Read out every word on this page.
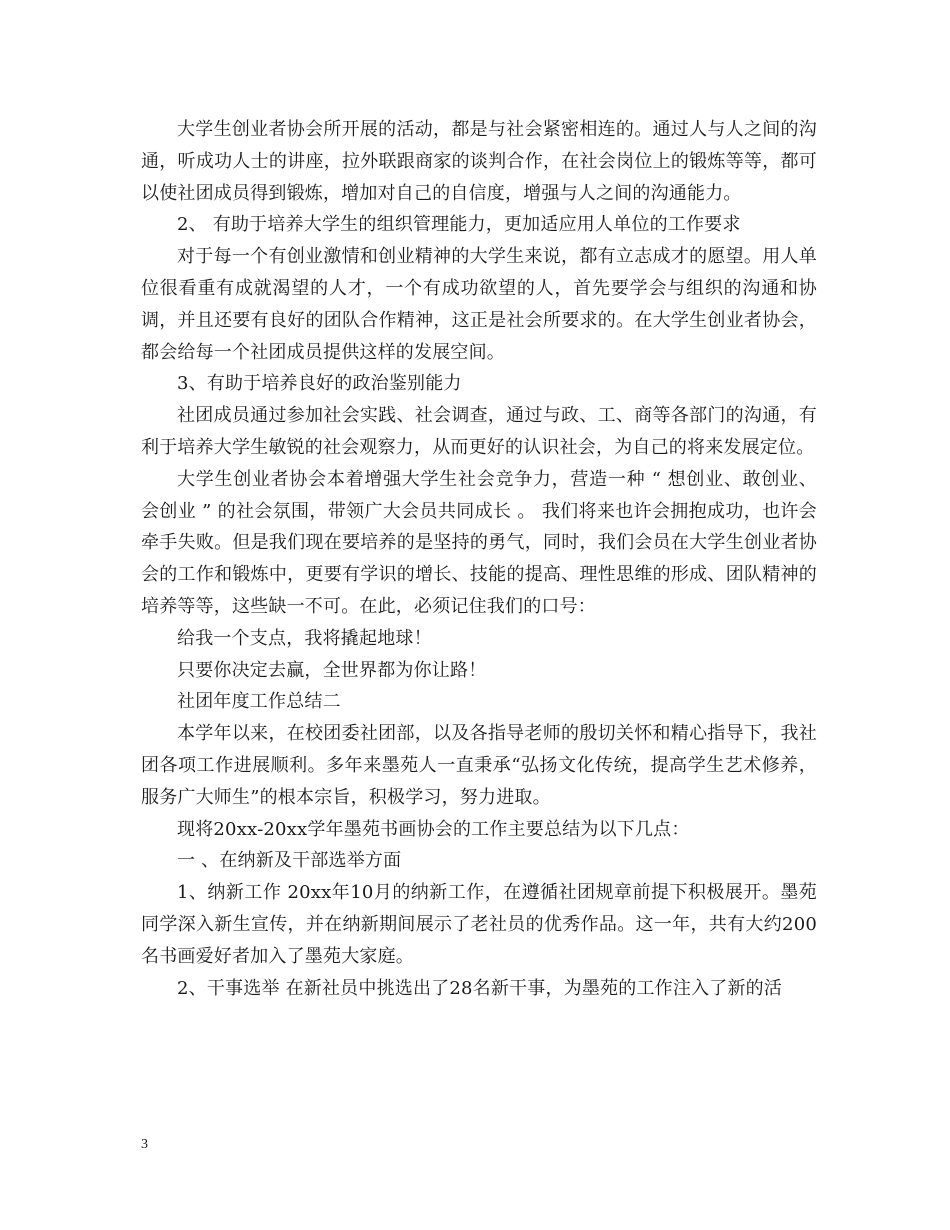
大学生创业者协会所开展的活动，都是与社会紧密相连的。通过人与人之间的沟通，听成功人士的讲座，拉外联跟商家的谈判合作，在社会岗位上的锻炼等等，都可以使社团成员得到锻炼，增加对自己的自信度，增强与人之间的沟通能力。

2、 有助于培养大学生的组织管理能力，更加适应用人单位的工作要求

对于每一个有创业激情和创业精神的大学生来说，都有立志成才的愿望。用人单位很看重有成就渴望的人才，一个有成功欲望的人，首先要学会与组织的沟通和协调，并且还要有良好的团队合作精神，这正是社会所要求的。在大学生创业者协会，都会给每一个社团成员提供这样的发展空间。

3、有助于培养良好的政治鉴别能力

社团成员通过参加社会实践、社会调查，通过与政、工、商等各部门的沟通，有利于培养大学生敏锐的社会观察力，从而更好的认识社会，为自己的将来发展定位。

大学生创业者协会本着增强大学生社会竞争力，营造一种 “ 想创业、敢创业、会创业 ” 的社会氛围，带领广大会员共同成长 。 我们将来也许会拥抱成功，也许会牵手失败。但是我们现在要培养的是坚持的勇气，同时，我们会员在大学生创业者协会的工作和锻炼中，更要有学识的增长、技能的提高、理性思维的形成、团队精神的培养等等，这些缺一不可。在此，必须记住我们的口号：

给我一个支点，我将撬起地球！

只要你决定去赢，全世界都为你让路！

社团年度工作总结二

本学年以来，在校团委社团部，以及各指导老师的殷切关怀和精心指导下，我社团各项工作进展顺利。多年来墨苑人一直秉承“弘扬文化传统，提高学生艺术修养，服务广大师生”的根本宗旨，积极学习，努力进取。

现将20xx-20xx学年墨苑书画协会的工作主要总结为以下几点：

一 、在纳新及干部选举方面

1、纳新工作 20xx年10月的纳新工作，在遵循社团规章前提下积极展开。墨苑同学深入新生宣传，并在纳新期间展示了老社员的优秀作品。这一年，共有大约200名书画爱好者加入了墨苑大家庭。

2、干事选举 在新社员中挑选出了28名新干事，为墨苑的工作注入了新的活

3
